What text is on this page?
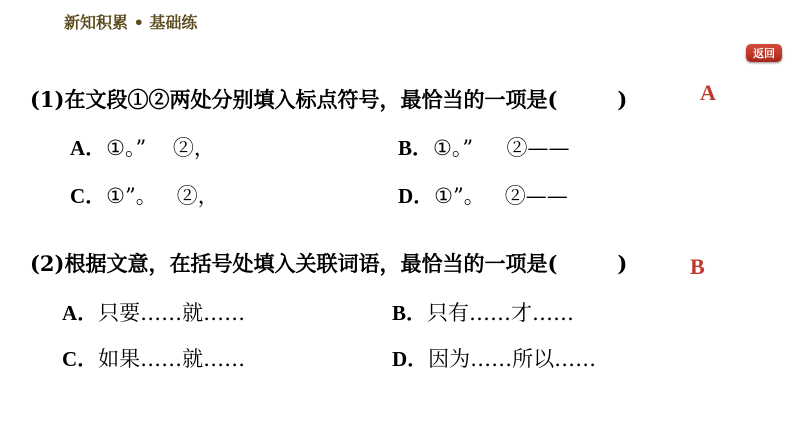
新知积累 • 基础练
返回
(1)在文段①②两处分别填入标点符号，最恰当的一项是(	)	A
A．①。”    ②，	B．①。”     ②——
C．①”。   ②，	D．①”。   ②——
(2)根据文意，在括号处填入关联词语，最恰当的一项是(	)	B
A．只要……就……	B．只有……才……
C．如果……就……	D．因为……所以……
